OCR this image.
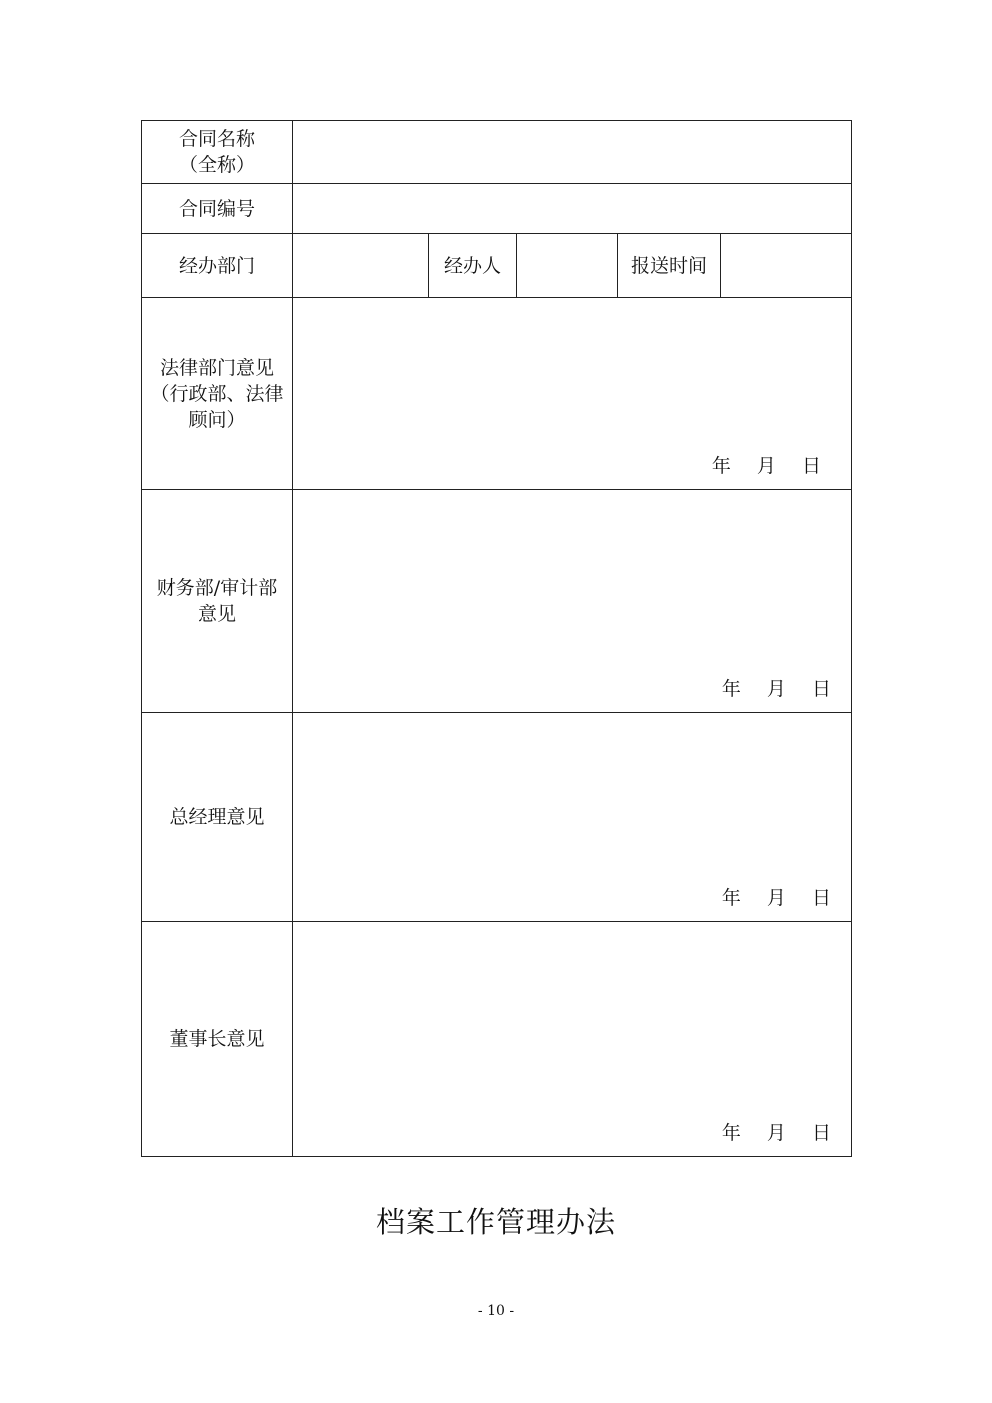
合同名称
（全称）					

合同编号					
经办部门		经办人		报送时间	

法律部门意见
（行政部、法律
顾问）	年   月   日				

财务部/审计部
意见	年   月   日				

总经理意见	年   月   日				

董事长意见	年   月   日				
档案工作管理办法
- 10 -
